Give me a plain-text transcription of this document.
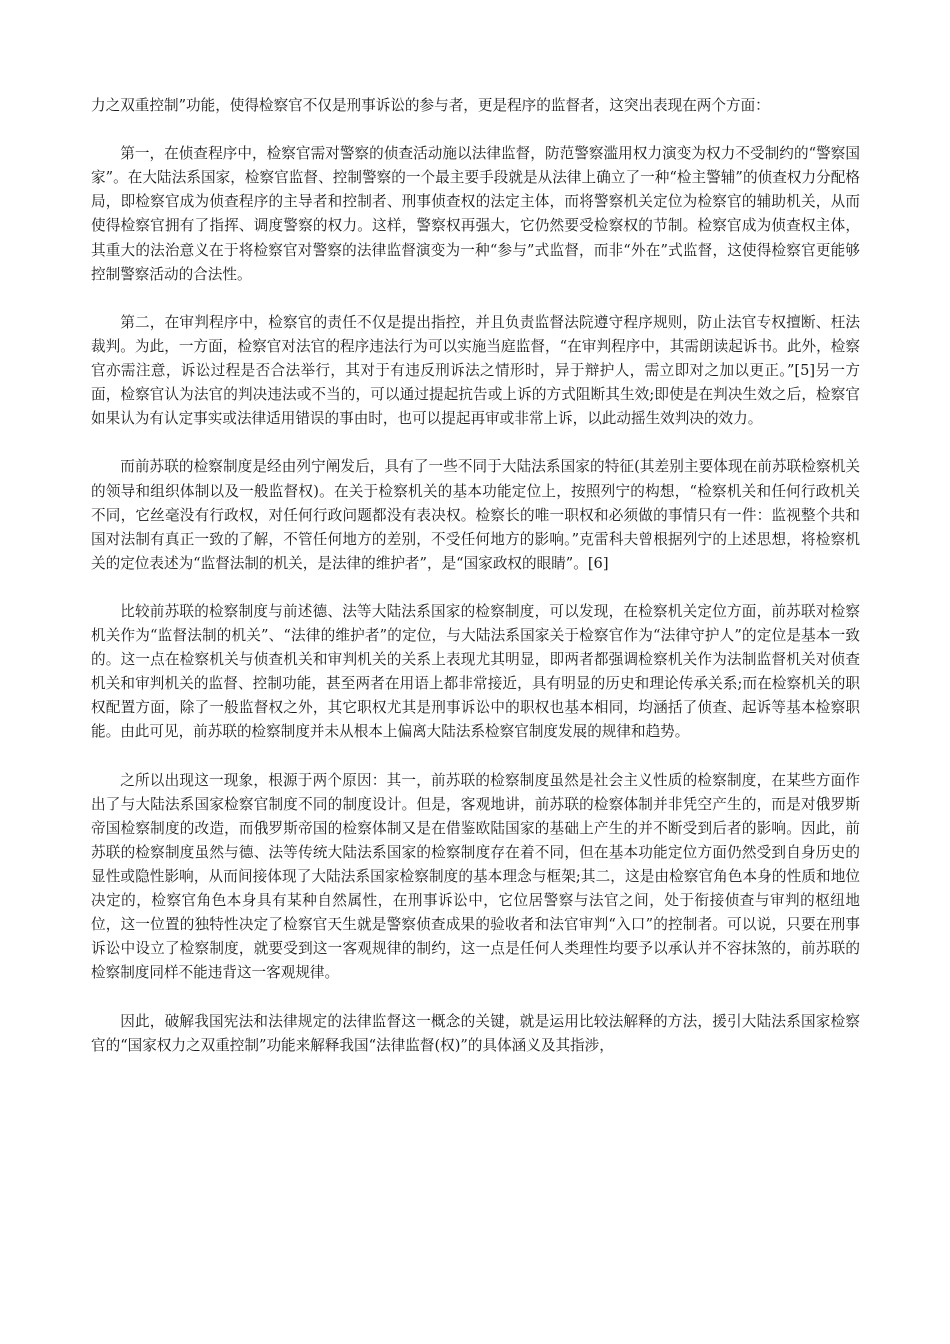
力之双重控制”功能，使得检察官不仅是刑事诉讼的参与者，更是程序的监督者，这突出表现在两个方面：

第一，在侦查程序中，检察官需对警察的侦查活动施以法律监督，防范警察滥用权力演变为权力不受制约的“警察国家”。在大陆法系国家，检察官监督、控制警察的一个最主要手段就是从法律上确立了一种“检主警辅”的侦查权力分配格局，即检察官成为侦查程序的主导者和控制者、刑事侦查权的法定主体，而将警察机关定位为检察官的辅助机关，从而使得检察官拥有了指挥、调度警察的权力。这样，警察权再强大，它仍然要受检察权的节制。检察官成为侦查权主体，其重大的法治意义在于将检察官对警察的法律监督演变为一种“参与”式监督，而非“外在”式监督，这使得检察官更能够控制警察活动的合法性。

第二，在审判程序中，检察官的责任不仅是提出指控，并且负责监督法院遵守程序规则，防止法官专权擅断、枉法裁判。为此，一方面，检察官对法官的程序违法行为可以实施当庭监督，“在审判程序中，其需朗读起诉书。此外，检察官亦需注意，诉讼过程是否合法举行，其对于有违反刑诉法之情形时，异于辩护人，需立即对之加以更正。”[5]另一方面，检察官认为法官的判决违法或不当的，可以通过提起抗告或上诉的方式阻断其生效;即使是在判决生效之后，检察官如果认为有认定事实或法律适用错误的事由时，也可以提起再审或非常上诉，以此动摇生效判决的效力。

而前苏联的检察制度是经由列宁阐发后，具有了一些不同于大陆法系国家的特征(其差别主要体现在前苏联检察机关的领导和组织体制以及一般监督权)。在关于检察机关的基本功能定位上，按照列宁的构想，“检察机关和任何行政机关不同，它丝毫没有行政权，对任何行政问题都没有表决权。检察长的唯一职权和必须做的事情只有一件：监视整个共和国对法制有真正一致的了解，不管任何地方的差别，不受任何地方的影响。”克雷科夫曾根据列宁的上述思想，将检察机关的定位表述为“监督法制的机关，是法律的维护者”，是“国家政权的眼睛”。[6]

比较前苏联的检察制度与前述德、法等大陆法系国家的检察制度，可以发现，在检察机关定位方面，前苏联对检察机关作为“监督法制的机关”、“法律的维护者”的定位，与大陆法系国家关于检察官作为“法律守护人”的定位是基本一致的。这一点在检察机关与侦查机关和审判机关的关系上表现尤其明显，即两者都强调检察机关作为法制监督机关对侦查机关和审判机关的监督、控制功能，甚至两者在用语上都非常接近，具有明显的历史和理论传承关系;而在检察机关的职权配置方面，除了一般监督权之外，其它职权尤其是刑事诉讼中的职权也基本相同，均涵括了侦查、起诉等基本检察职能。由此可见，前苏联的检察制度并未从根本上偏离大陆法系检察官制度发展的规律和趋势。

之所以出现这一现象，根源于两个原因：其一，前苏联的检察制度虽然是社会主义性质的检察制度，在某些方面作出了与大陆法系国家检察官制度不同的制度设计。但是，客观地讲，前苏联的检察体制并非凭空产生的，而是对俄罗斯帝国检察制度的改造，而俄罗斯帝国的检察体制又是在借鉴欧陆国家的基础上产生的并不断受到后者的影响。因此，前苏联的检察制度虽然与德、法等传统大陆法系国家的检察制度存在着不同，但在基本功能定位方面仍然受到自身历史的显性或隐性影响，从而间接体现了大陆法系国家检察制度的基本理念与框架;其二，这是由检察官角色本身的性质和地位决定的，检察官角色本身具有某种自然属性，在刑事诉讼中，它位居警察与法官之间，处于衔接侦查与审判的枢纽地位，这一位置的独特性决定了检察官天生就是警察侦查成果的验收者和法官审判“入口”的控制者。可以说，只要在刑事诉讼中设立了检察制度，就要受到这一客观规律的制约，这一点是任何人类理性均要予以承认并不容抹煞的，前苏联的检察制度同样不能违背这一客观规律。

因此，破解我国宪法和法律规定的法律监督这一概念的关键，就是运用比较法解释的方法，援引大陆法系国家检察官的“国家权力之双重控制”功能来解释我国“法律监督(权)”的具体涵义及其指涉，
